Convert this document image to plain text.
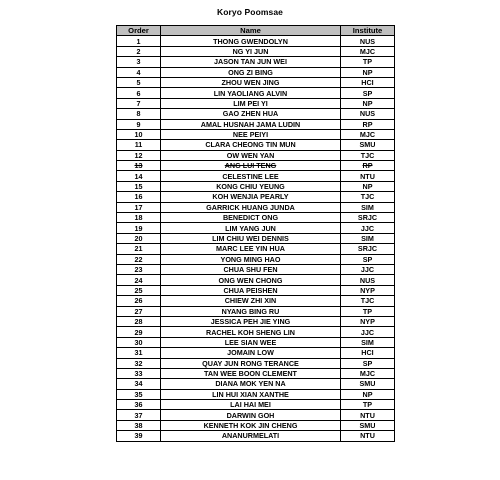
Koryo Poomsae
Order	Name	Institute
1	THONG GWENDOLYN	NUS
2	NG YI JUN	MJC
3	JASON TAN JUN WEI	TP
4	ONG ZI BING	NP
5	ZHOU WEN JING	HCI
6	LIN YAOLIANG ALVIN	SP
7	LIM PEI YI	NP
8	GAO ZHEN HUA	NUS
9	AMAL HUSNAH JAMA LUDIN	RP
10	NEE PEIYI	MJC
11	CLARA CHEONG TIN MUN	SMU
12	OW WEN YAN	TJC
13	ANG LUI TENG	RP
14	CELESTINE LEE	NTU
15	KONG CHIU YEUNG	NP
16	KOH WENJIA PEARLY	TJC
17	GARRICK HUANG JUNDA	SIM
18	BENEDICT ONG	SRJC
19	LIM YANG JUN	JJC
20	LIM CHIU WEI DENNIS	SIM
21	MARC LEE YIN HUA	SRJC
22	YONG MING HAO	SP
23	CHUA SHU FEN	JJC
24	ONG WEN CHONG	NUS
25	CHUA PEISHEN	NYP
26	CHIEW ZHI XIN	TJC
27	NYANG BING RU	TP
28	JESSICA PEH JIE YING	NYP
29	RACHEL KOH SHENG LIN	JJC
30	LEE SIAN WEE	SIM
31	JOMAIN LOW	HCI
32	QUAY JUN RONG TERANCE	SP
33	TAN WEE BOON CLEMENT	MJC
34	DIANA MOK YEN NA	SMU
35	LIN HUI XIAN XANTHE	NP
36	LAI HAI MEI	TP
37	DARWIN GOH	NTU
38	KENNETH KOK JIN CHENG	SMU
39	ANANURMELATI	NTU
